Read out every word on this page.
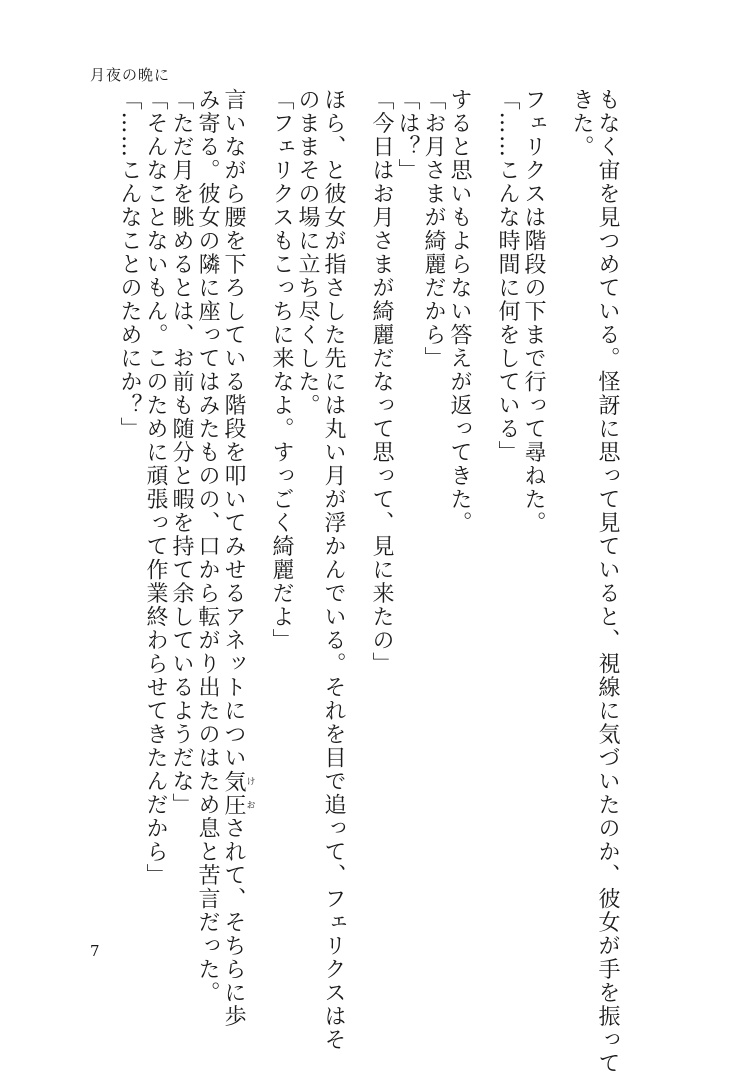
月夜の晩に

もなく宙を見つめている。怪訝に思って見ていると、視線に気づいたのか、彼女が手を振って

きた。

フェリクスは階段の下まで行って尋ねた。

「……こんな時間に何をしている」

すると思いもよらない答えが返ってきた。

「お月さまが綺麗だから」

「は？」

「今日はお月さまが綺麗だなって思って、見に来たの」

ほら、と彼女が指さした先には丸い月が浮かんでいる。それを目で追って、フェリクスはそ

のままその場に立ち尽くした。

「フェリクスもこっちに来なよ。すっごく綺麗だよ」

言いながら腰を下ろしている階段を叩いてみせるアネットについ気圧けおされて、そちらに歩

み寄る。彼女の隣に座ってはみたものの、口から転がり出たのはため息と苦言だった。

「ただ月を眺めるとは、お前も随分と暇を持て余しているようだな」

「そんなことないもん。このために頑張って作業終わらせてきたんだから」

「……こんなことのためにか？」

7
